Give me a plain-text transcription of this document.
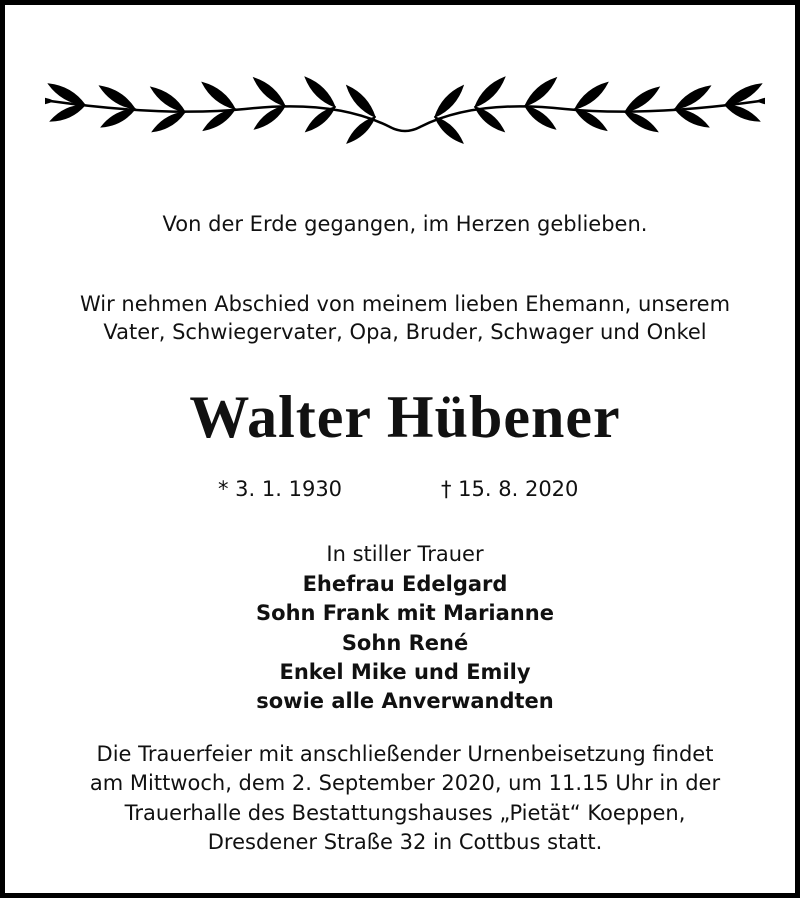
Von der Erde gegangen, im Herzen geblieben.

Wir nehmen Abschied von meinem lieben Ehemann, unserem

Vater, Schwiegervater, Opa, Bruder, Schwager und Onkel

Walter Hübener

* 3. 1. 1930	† 15. 8. 2020

In stiller Trauer

Ehefrau Edelgard

Sohn Frank mit Marianne

Sohn René

Enkel Mike und Emily

sowie alle Anverwandten

Die Trauerfeier mit anschließender Urnenbeisetzung findet

am Mittwoch, dem 2. September 2020, um 11.15 Uhr in der

Trauerhalle des Bestattungshauses „Pietät“ Koeppen,

Dresdener Straße 32 in Cottbus statt.
